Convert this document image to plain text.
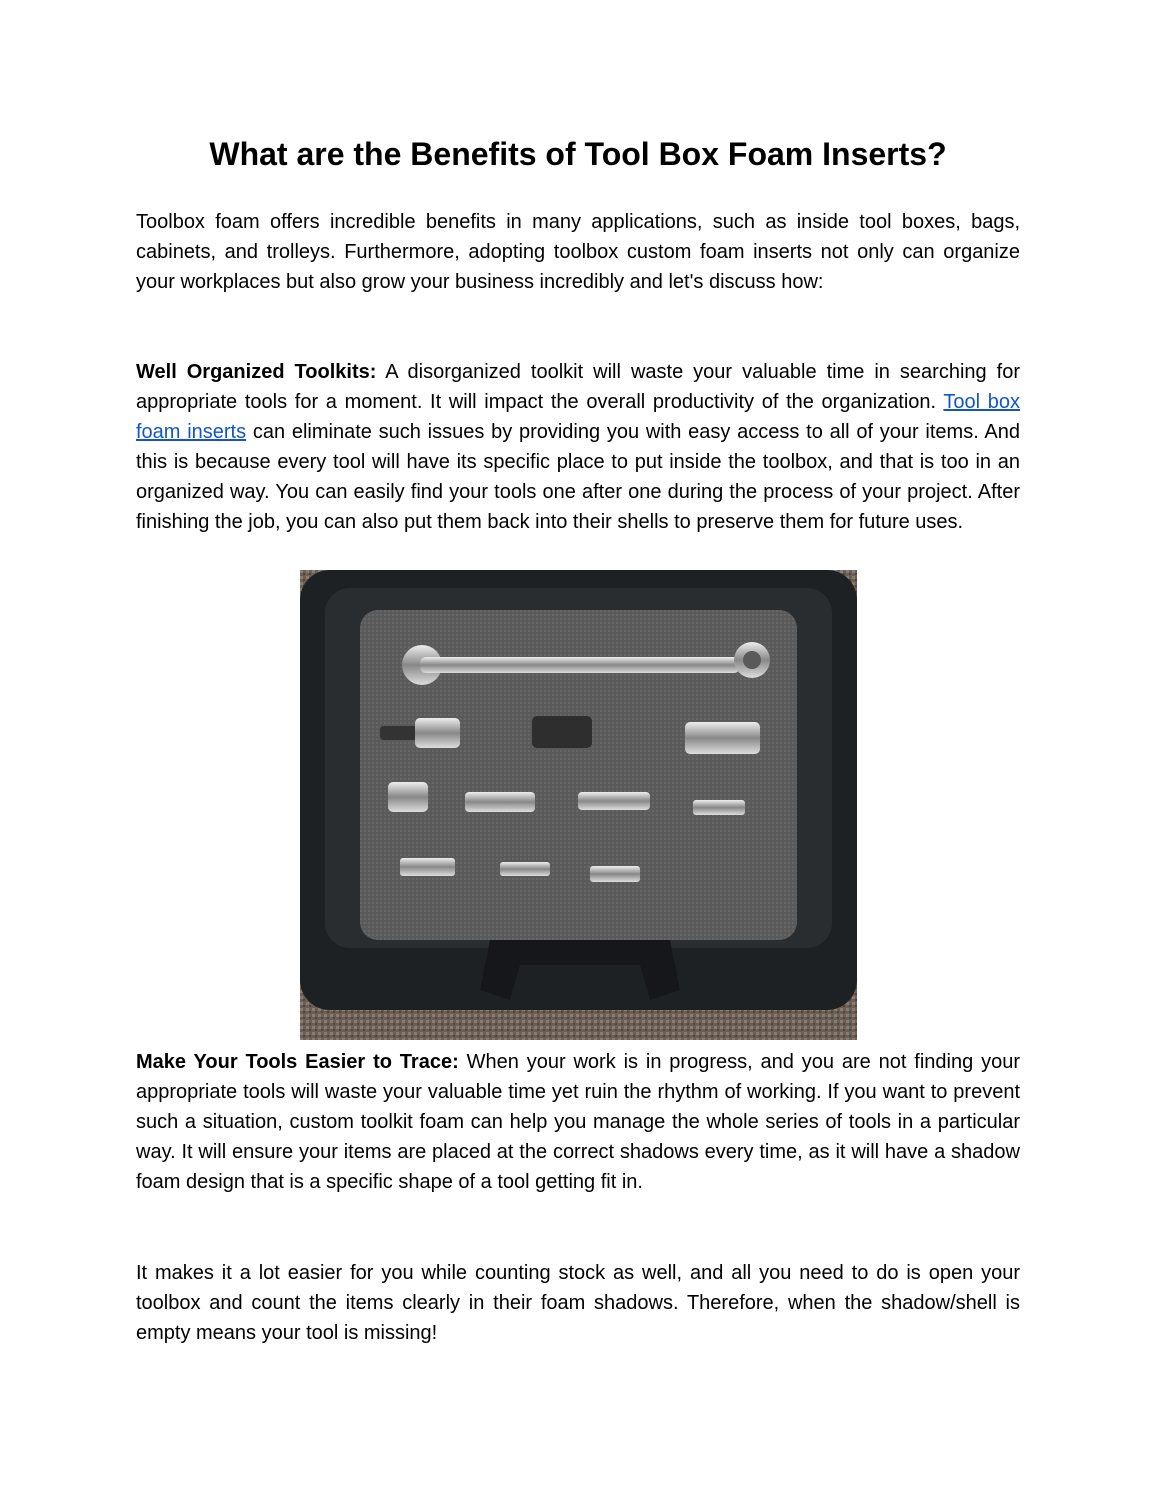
What are the Benefits of Tool Box Foam Inserts?

Toolbox foam offers incredible benefits in many applications, such as inside tool boxes, bags, cabinets, and trolleys. Furthermore, adopting toolbox custom foam inserts not only can organize your workplaces but also grow your business incredibly and let's discuss how:

Well Organized Toolkits: A disorganized toolkit will waste your valuable time in searching for appropriate tools for a moment. It will impact the overall productivity of the organization. Tool box foam inserts can eliminate such issues by providing you with easy access to all of your items. And this is because every tool will have its specific place to put inside the toolbox, and that is too in an organized way. You can easily find your tools one after one during the process of your project. After finishing the job, you can also put them back into their shells to preserve them for future uses.

Make Your Tools Easier to Trace: When your work is in progress, and you are not finding your appropriate tools will waste your valuable time yet ruin the rhythm of working. If you want to prevent such a situation, custom toolkit foam can help you manage the whole series of tools in a particular way. It will ensure your items are placed at the correct shadows every time, as it will have a shadow foam design that is a specific shape of a tool getting fit in.

It makes it a lot easier for you while counting stock as well, and all you need to do is open your toolbox and count the items clearly in their foam shadows. Therefore, when the shadow/shell is empty means your tool is missing!
